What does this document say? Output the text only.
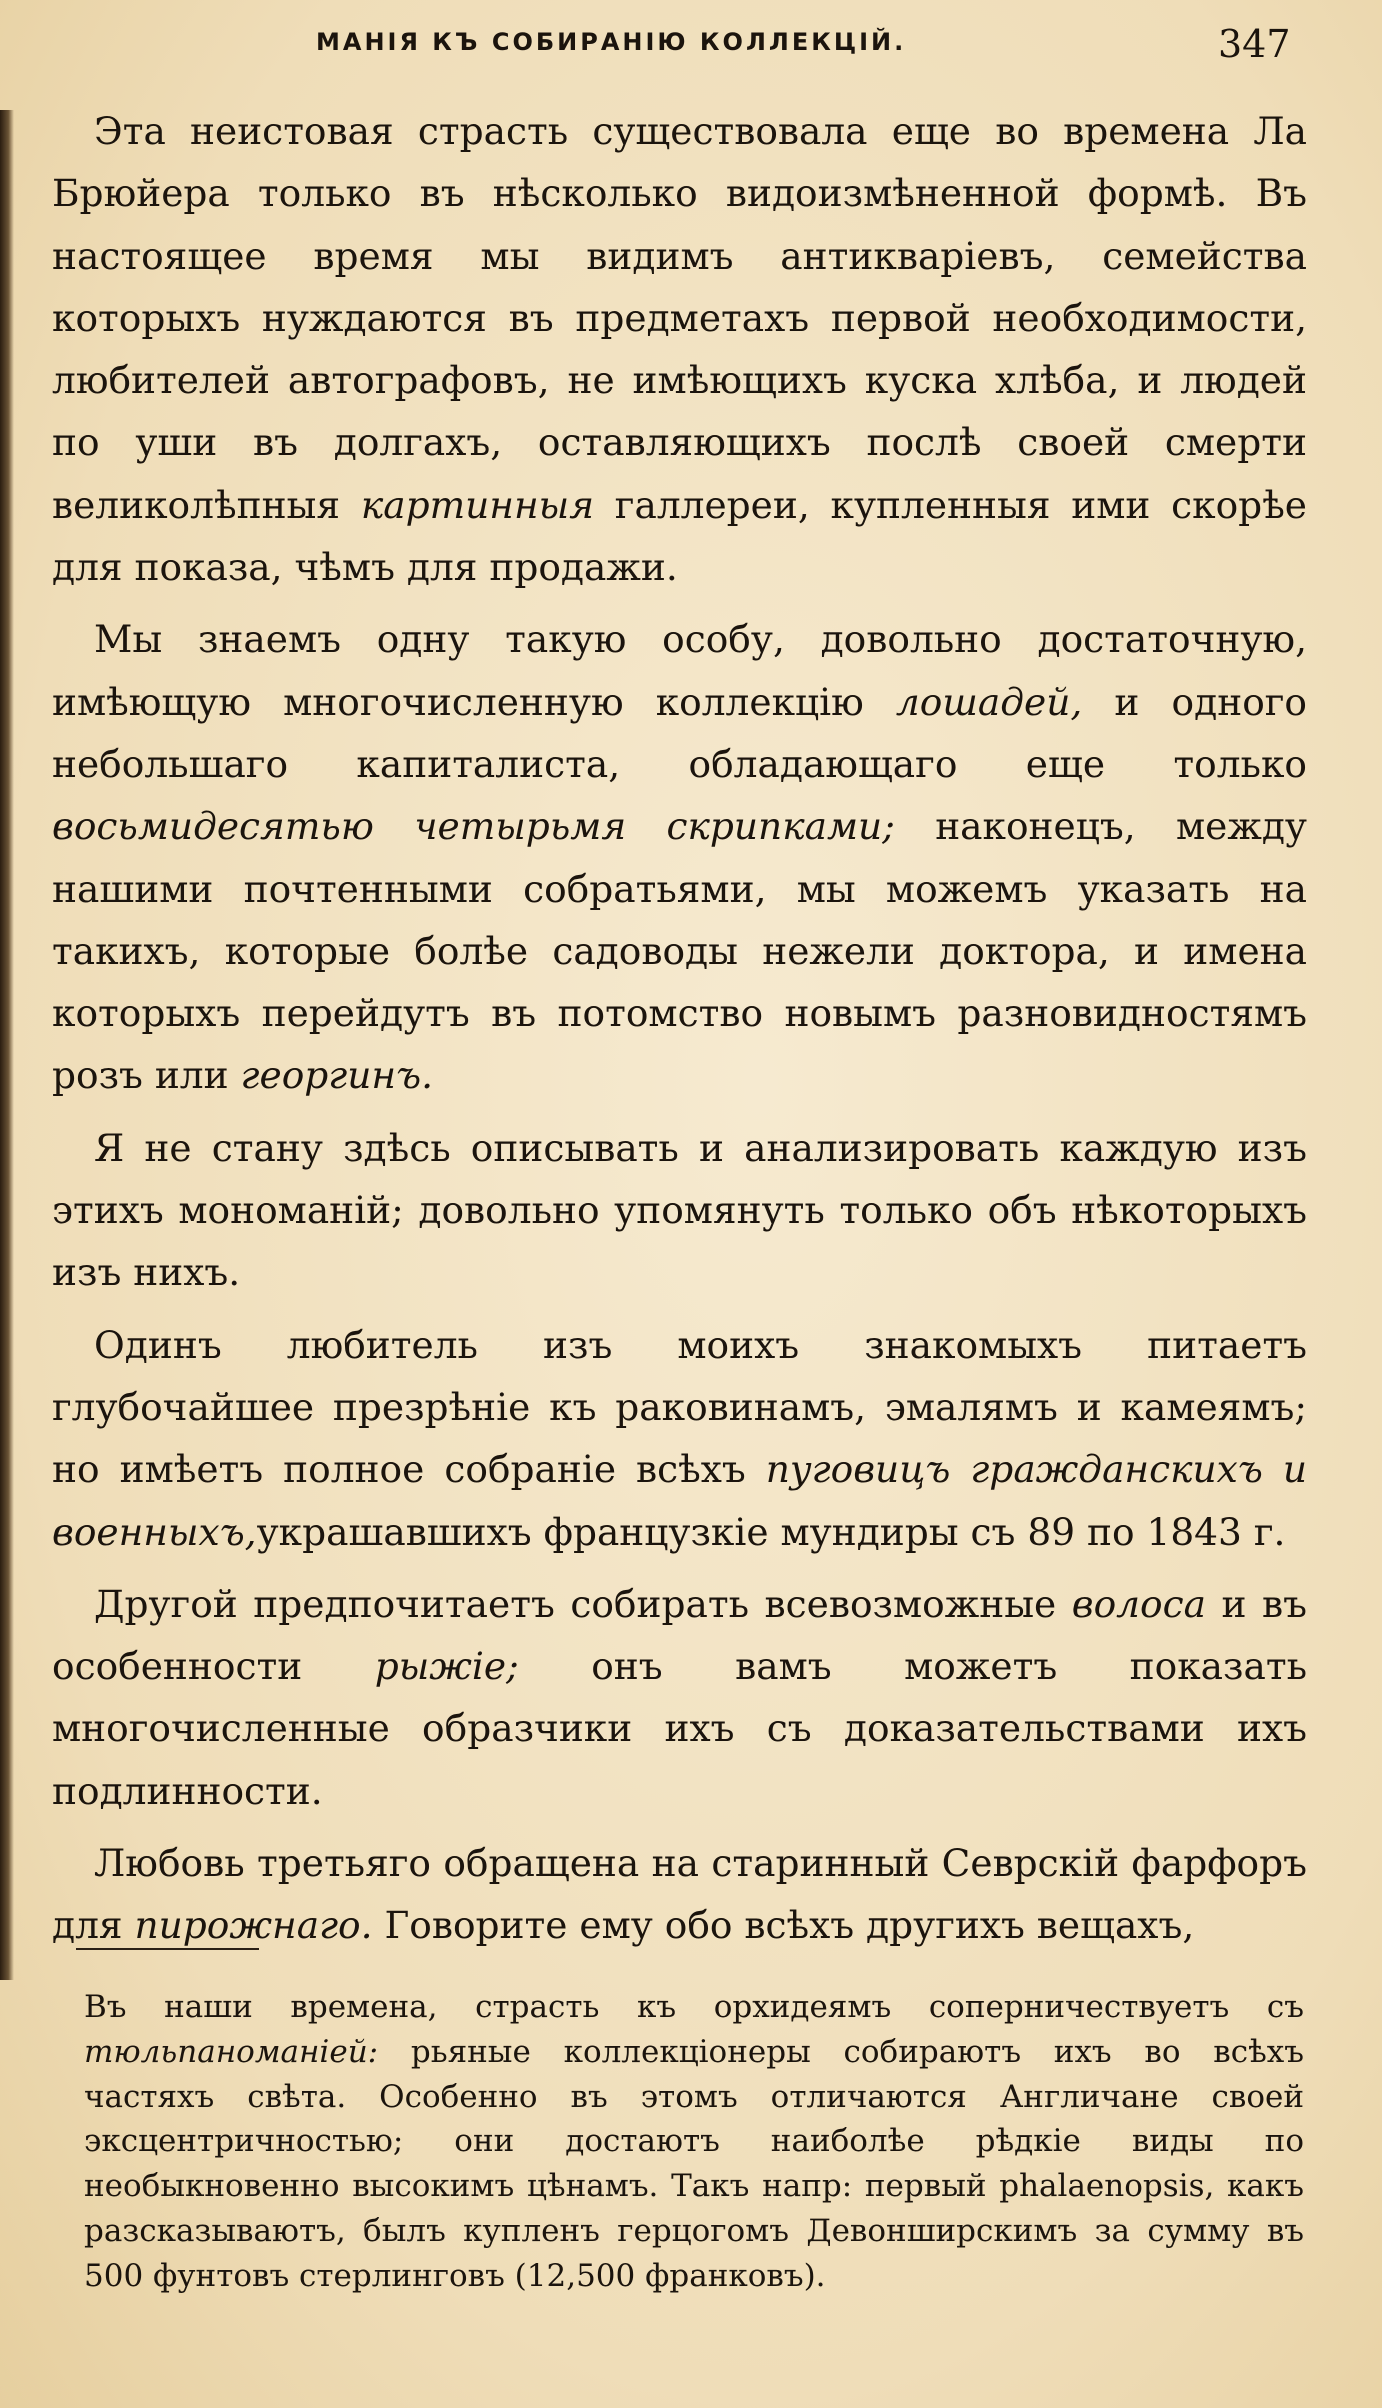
МАНІЯ КЪ СОБИРАНІЮ КОЛЛЕКЦІЙ.	347

Эта неистовая страсть существовала еще во времена Ла Брюйера только въ нѣсколько видоизмѣненной формѣ. Въ настоящее время мы видимъ антикваріевъ, семейства которыхъ нуждаются въ предметахъ первой необходимости, любителей автографовъ, не имѣющихъ куска хлѣба, и людей по уши въ долгахъ, оставляющихъ послѣ своей смерти великолѣпныя картинныя галлереи, купленныя ими скорѣе для показа, чѣмъ для продажи.

Мы знаемъ одну такую особу, довольно достаточную, имѣющую многочисленную коллекцію лошадей, и одного небольшаго капиталиста, обладающаго еще только восьмидесятью четырьмя скрипками; наконецъ, между нашими почтенными собратьями, мы можемъ указать на такихъ, которые болѣе садоводы нежели доктора, и имена которыхъ перейдутъ въ потомство новымъ разновидностямъ розъ или георгинъ.

Я не стану здѣсь описывать и анализировать каждую изъ этихъ мономаній; довольно упомянуть только объ нѣкоторыхъ изъ нихъ.

Одинъ любитель изъ моихъ знакомыхъ питаетъ глубочайшее презрѣніе къ раковинамъ, эмалямъ и камеямъ; но имѣетъ полное собраніе всѣхъ пуговицъ гражданскихъ и военныхъ,украшавшихъ французкіе мундиры съ 89 по 1843 г.

Другой предпочитаетъ собирать всевозможные волоса и въ особенности рыжіе; онъ вамъ можетъ показать многочисленные образчики ихъ съ доказательствами ихъ подлинности.

Любовь третьяго обращена на старинный Севрскій фарфоръ для пирожнаго. Говорите ему обо всѣхъ другихъ вещахъ,

Въ наши времена, страсть къ орхидеямъ соперничествуетъ съ тюльпаноманіей: рьяные коллекціонеры собираютъ ихъ во всѣхъ частяхъ свѣта. Особенно въ этомъ отличаются Англичане своей эксцентричностью; они достаютъ наиболѣе рѣдкіе виды по необыкновенно высокимъ цѣнамъ. Такъ напр: первый phalaenopsis, какъ разсказываютъ, былъ купленъ герцогомъ Девонширскимъ за сумму въ 500 фунтовъ стерлинговъ (12,500 франковъ).
